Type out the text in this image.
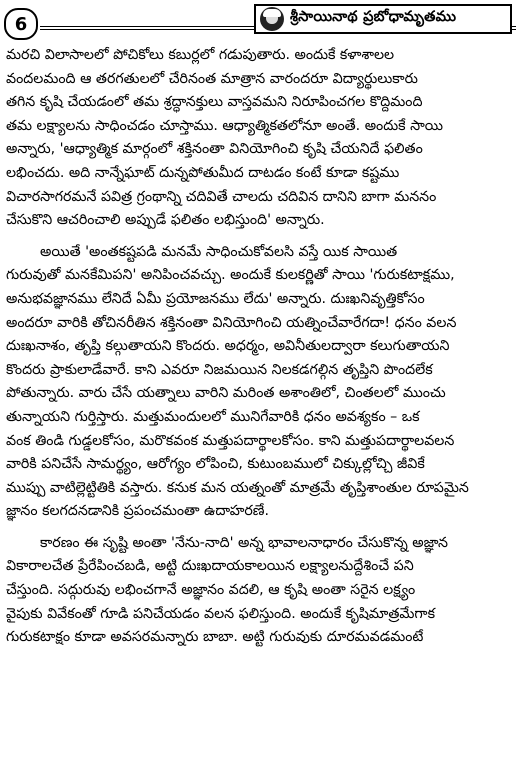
6	శ్రీసాయినాథ ప్రబోధామృతము
మరచి విలాసాలలో పోచికోలు కబుర్లలో గడుపుతారు. అందుకే కళాశాలల
వందలమంది ఆ తరగతులలో చేరినంత మాత్రాన వారందరూ విద్యార్థులుకారు
తగిన కృషి చేయడంలో తమ శ్రద్ధానక్తులు వాస్తవమని నిరూపించగల కొద్దిమంది
తమ లక్ష్యాలను సాధించడం చూస్తాము. ఆధ్యాత్మికతలోనూ అంతే. అందుకే సాయి
అన్నారు, 'ఆధ్యాత్మిక మార్గంలో శక్తినంతా వినియోగించి కృషి చేయనిదే ఫలితం
లభించదు. అది నాన్నేఘాట్ దున్నపోతుమీద దాటడం కంటే కూడా కష్టము
విచారసాగరమనే పవిత్ర గ్రంథాన్ని చదివితే చాలదు చదివిన దానిని బాగా మననం
చేసుకొని ఆచరించాలి అప్పుడే ఫలితం లభిస్తుంది' అన్నారు.
అయితే 'అంతకష్టపడి మనమే సాధించుకోవలసి వస్తే యిక సాయిత
గురువుతో మనకేమిపని' అనిపించవచ్చు. అందుకే కులకర్ణితో సాయి 'గురుకటాక్షము,
అనుభవజ్ఞానము లేనిదే ఏమీ ప్రయోజనము లేదు' అన్నారు. దుఃఖనివృత్తికోసం
అందరూ వారికి తోచినరీతిన శక్తినంతా వినియోగించి యత్నించేవారేగదా! ధనం వలన
దుఃఖనాశం, తృప్తి కల్గుతాయని కొందరు. అధర్మం, అవినీతులద్వారా కలుగుతాయని
కొందరు ప్రాకులాడేవారే. కాని ఎవరూ నిజమయిన నిలకడగల్గిన తృప్తిని పొందలేక
పోతున్నారు. వారు చేసే యత్నాలు వారిని మరింత అశాంతిలో, చింతలలో ముంచు
తున్నాయని గుర్తిస్తారు. మత్తుమందులలో మునిగేవారికి ధనం అవశ్యకం – ఒక
వంక తిండి గుడ్డలకోసం, మరొకవంక మత్తుపదార్థాలకోసం. కాని మత్తుపదార్థాలవలన
వారికి పనిచేసే సామర్థ్యం, ఆరోగ్యం లోపించి, కుటుంబములో చిక్కుల్లోచ్చి జీవికే
ముప్పు వాటిల్లెట్టితికి వస్తారు. కనుక మన యత్నంతో మాత్రమే తృప్తిశాంతుల రూపమైన
జ్ఞానం కలగదనడానికి ప్రపంచమంతా ఉదాహరణే.
కారణం ఈ సృష్టి అంతా 'నేను-నాది' అన్న భావాలనాధారం చేసుకొన్న అజ్ఞాన
వికారాలచేత ప్రేరేపించబడి, అట్టి దుఃఖదాయకాలయిన లక్ష్యాలనుద్దేశించే పని
చేస్తుంది. సద్గురువు లభించగానే అజ్ఞానం వదలి, ఆ కృషి అంతా సరైన లక్ష్యం
వైపుకు వివేకంతో గూడి పనిచేయడం వలన ఫలిస్తుంది. అందుకే కృషిమాత్రమేగాక
గురుకటాక్షం కూడా అవసరమన్నారు బాబా. అట్టి గురువుకు దూరమవడమంటే
